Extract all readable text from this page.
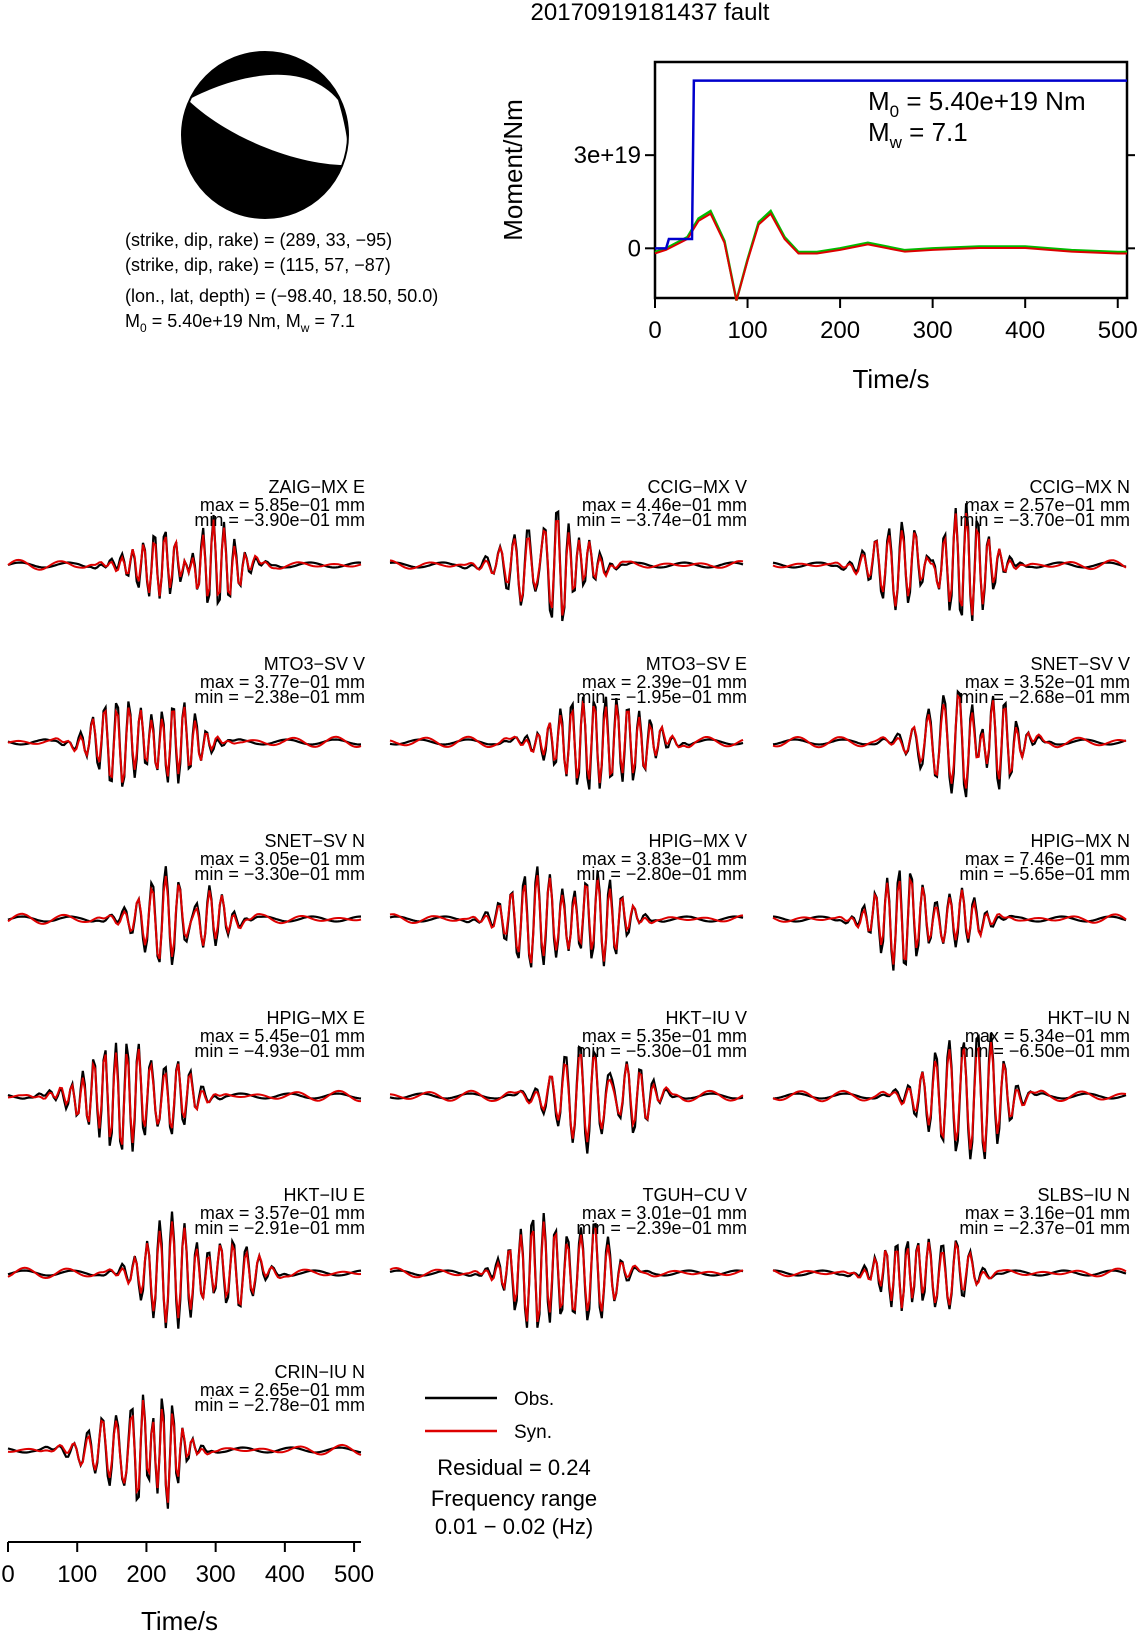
20170919181437 fault
(strike, dip, rake) = (289, 33, −95)
(strike, dip, rake) = (115, 57, −87)
(lon., lat, depth) = (−98.40, 18.50, 50.0)
$M_0 = 5.40e+19$ Nm, $M_w = 7.1$	0	100 200 300 400 500
0
3e+19
Time/s
Moment/Nm	$M_0 = 5.40e+19$ Nm
$M_w = 7.1$
ZAIG−MX E
max = 5.85e−01 mm
min = −3.90e−01 mm
CCIG−MX V
max = 4.46e−01 mm
min = −3.74e−01 mm
CCIG−MX N
max = 2.57e−01 mm
min = −3.70e−01 mm
MTO3−SV V
max = 3.77e−01 mm
min = −2.38e−01 mm
MTO3−SV E
max = 2.39e−01 mm
min = −1.95e−01 mm
SNET−SV V
max = 3.52e−01 mm
min = −2.68e−01 mm
SNET−SV N
max = 3.05e−01 mm
min = −3.30e−01 mm
HPIG−MX V
max = 3.83e−01 mm
min = −2.80e−01 mm
HPIG−MX N
max = 7.46e−01 mm
min = −5.65e−01 mm
HPIG−MX E
max = 5.45e−01 mm
min = −4.93e−01 mm
HKT−IU V
max = 5.35e−01 mm
min = −5.30e−01 mm
HKT−IU N
max = 5.34e−01 mm
min = −6.50e−01 mm
HKT−IU E
max = 3.57e−01 mm
min = −2.91e−01 mm
TGUH−CU V
max = 3.01e−01 mm
min = −2.39e−01 mm
SLBS−IU N
max = 3.16e−01 mm
min = −2.37e−01 mm
CRIN−IU N
max = 2.65e−01 mm
min = −2.78e−01 mm
0 100 200 300 400 500
Time/s
Obs.
Syn.
Residual = 0.24
Frequency range
0.01 − 0.02 (Hz)
